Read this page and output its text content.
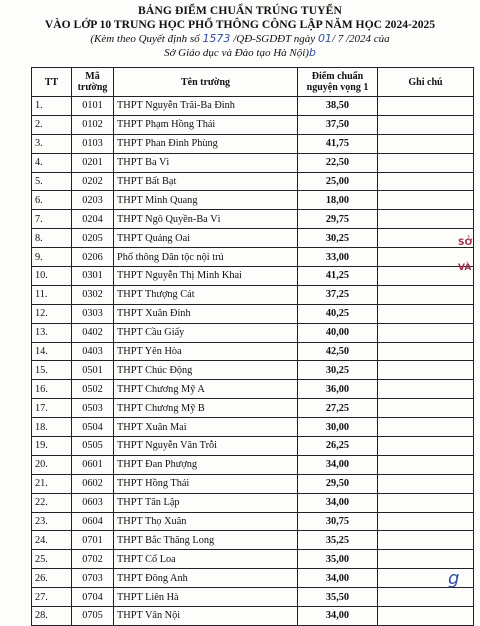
BẢNG ĐIỂM CHUẨN TRÚNG TUYỂN
VÀO LỚP 10 TRUNG HỌC PHỔ THÔNG CÔNG LẬP NĂM HỌC 2024-2025
(Kèm theo Quyết định số 1573 /QĐ-SGDĐT ngày 01/ 7 /2024 của
Sở Giáo dục và Đào tạo Hà Nội)b
TT	Mã trường	Tên trường	Điểm chuẩn nguyện vọng 1	Ghi chú
1.	0101	THPT Nguyễn Trãi-Ba Đình	38,50	
2.	0102	THPT Phạm Hồng Thái	37,50	
3.	0103	THPT Phan Đình Phùng	41,75	
4.	0201	THPT Ba Vì	22,50	
5.	0202	THPT Bất Bạt	25,00	
6.	0203	THPT Minh Quang	18,00	
7.	0204	THPT Ngô Quyền-Ba Vì	29,75	
8.	0205	THPT Quảng Oai	30,25	
9.	0206	Phổ thông Dân tộc nội trú	33,00	
10.	0301	THPT Nguyễn Thị Minh Khai	41,25	
11.	0302	THPT Thượng Cát	37,25	
12.	0303	THPT Xuân Đỉnh	40,25	
13.	0402	THPT Cầu Giấy	40,00	
14.	0403	THPT Yên Hòa	42,50	
15.	0501	THPT Chúc Động	30,25	
16.	0502	THPT Chương Mỹ A	36,00	
17.	0503	THPT Chương Mỹ B	27,25	
18.	0504	THPT Xuân Mai	30,00	
19.	0505	THPT Nguyễn Văn Trỗi	26,25	
20.	0601	THPT Đan Phượng	34,00	
21.	0602	THPT Hồng Thái	29,50	
22.	0603	THPT Tân Lập	34,00	
23.	0604	THPT Thọ Xuân	30,75	
24.	0701	THPT Bắc Thăng Long	35,25	
25.	0702	THPT Cổ Loa	35,00	
26.	0703	THPT Đông Anh	34,00	
27.	0704	THPT Liên Hà	35,50	
28.	0705	THPT Vân Nội	34,00	
SỞ
VÀ
g
